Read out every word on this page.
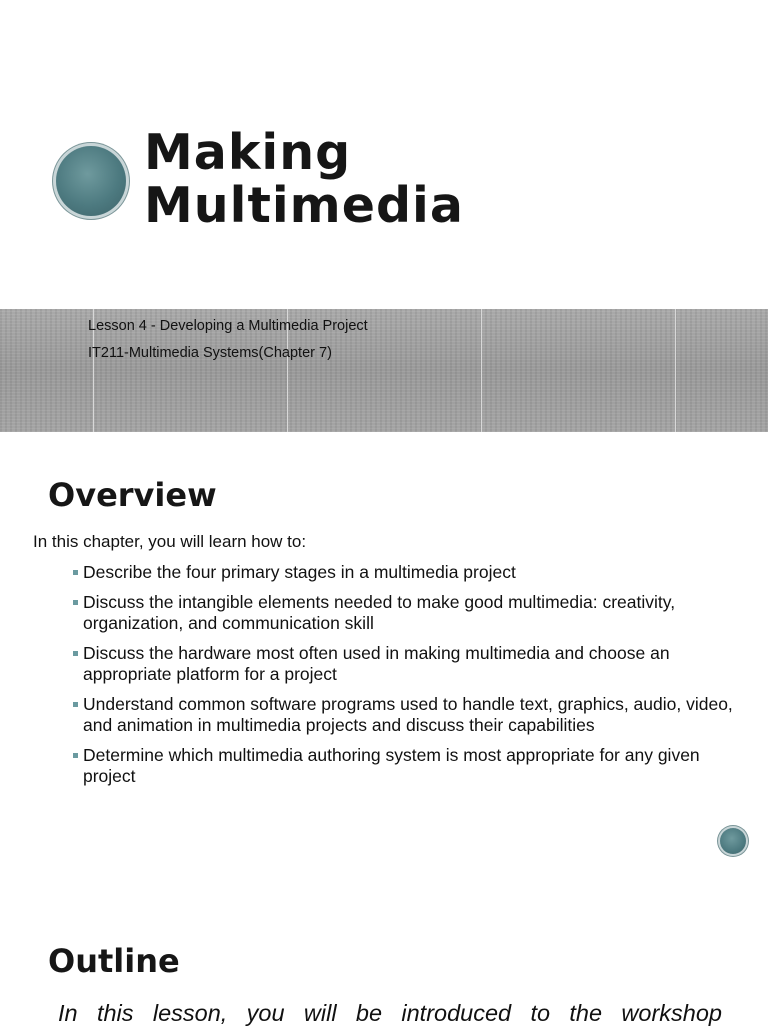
Making
Multimedia

Lesson 4 - Developing a Multimedia Project

IT211-Multimedia Systems(Chapter 7)

Overview

In this chapter, you will learn how to:

Describe the four primary stages in a multimedia project
Discuss the intangible elements needed to make good multimedia: creativity, organization, and communication skill
Discuss the hardware most often used in making multimedia and choose an appropriate platform for a project
Understand common software programs used to handle text, graphics, audio, video, and animation in multimedia projects and discuss their capabilities
Determine which multimedia authoring system is most appropriate for any given project
Outline

In this lesson, you will be introduced to the workshop
